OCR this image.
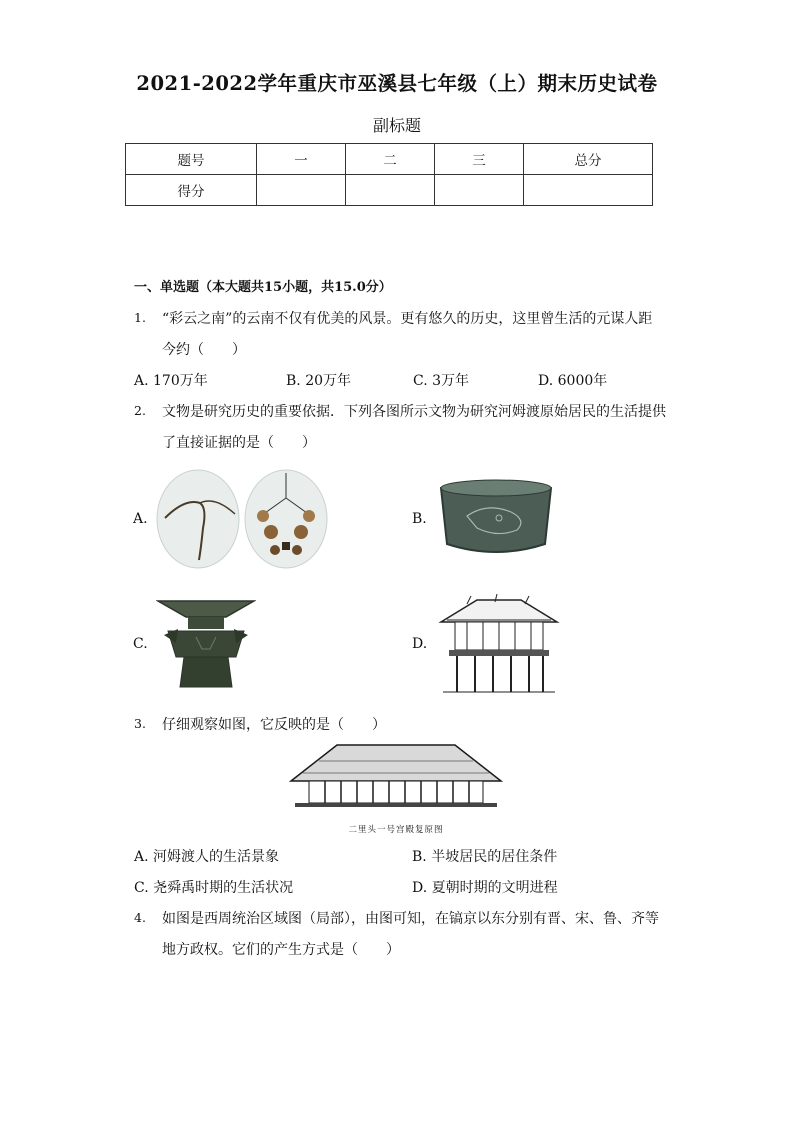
2021-2022学年重庆市巫溪县七年级（上）期末历史试卷
副标题
题号	一	二	三	总分
得分				
一、单选题（本大题共15小题，共15.0分）
1. “彩云之南”的云南不仅有优美的风景。更有悠久的历史，这里曾生活的元谋人距
今约（　　）
A. 170万年	B. 20万年	C. 3万年	D. 6000年
2. 文物是研究历史的重要依据．下列各图所示文物为研究河姆渡原始居民的生活提供
了直接证据的是（　　）
A.	B.
C.	D.
3. 仔细观察如图，它反映的是（　　）
二里头一号宫殿复原图
A. 河姆渡人的生活景象	B. 半坡居民的居住条件
C. 尧舜禹时期的生活状况	D. 夏朝时期的文明进程
4. 如图是西周统治区域图（局部），由图可知，在镐京以东分别有晋、宋、鲁、齐等
地方政权。它们的产生方式是（　　）
